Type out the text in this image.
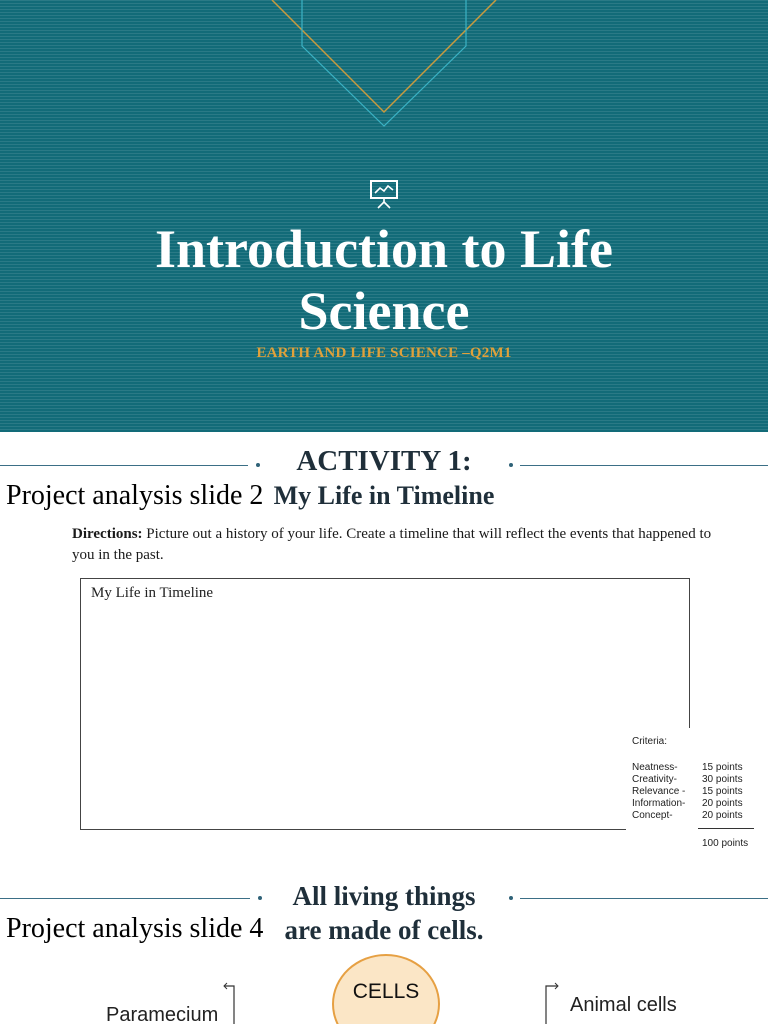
Introduction to Life Science
EARTH AND LIFE SCIENCE –Q2M1
ACTIVITY 1:
My Life in Timeline
Project analysis slide 2
Directions: Picture out a history of your life. Create a timeline that will reflect the events that happened to you in the past.
My Life in Timeline
Criteria:
Neatness- 15 points
Creativity- 30 points
Relevance - 15 points
Information- 20 points
Concept-	20 points
100 points
All living things
are made of cells.
Project analysis slide 4
Paramecium
CELLS
Animal cells
